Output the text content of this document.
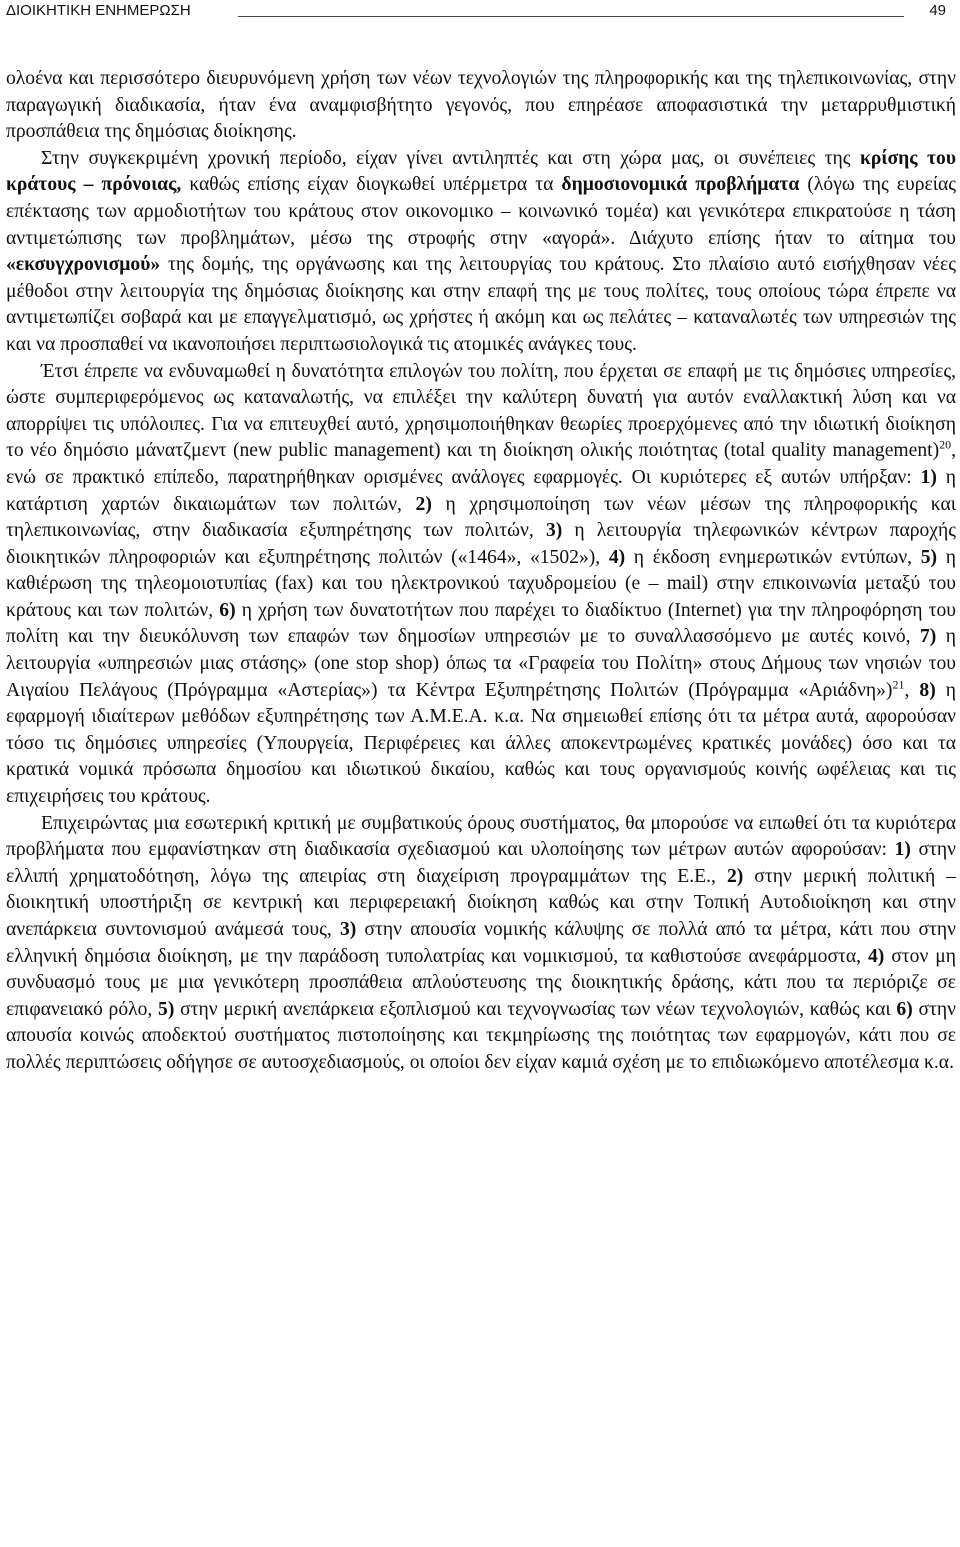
ΔΙΟΙΚΗΤΙΚΗ ΕΝΗΜΕΡΩΣΗ	49

ολοένα και περισσότερο διευρυνόμενη χρήση των νέων τεχνολογιών της πληροφορικής και της τηλεπικοινωνίας, στην παραγωγική διαδικασία, ήταν ένα αναμφισβήτητο γεγονός, που επηρέασε αποφασιστικά την μεταρρυθμιστική προσπάθεια της δημόσιας διοίκησης.

Στην συγκεκριμένη χρονική περίοδο, είχαν γίνει αντιληπτές και στη χώρα μας, οι συνέπειες της κρίσης του κράτους – πρόνοιας, καθώς επίσης είχαν διογκωθεί υπέρμετρα τα δημοσιονομικά προβλήματα (λόγω της ευρείας επέκτασης των αρμοδιοτήτων του κράτους στον οικονομικο – κοινωνικό τομέα) και γενικότερα επικρατούσε η τάση αντιμετώπισης των προβλημάτων, μέσω της στροφής στην «αγορά». Διάχυτο επίσης ήταν το αίτημα του «εκσυγχρονισμού» της δομής, της οργάνωσης και της λειτουργίας του κράτους. Στο πλαίσιο αυτό εισήχθησαν νέες μέθοδοι στην λειτουργία της δημόσιας διοίκησης και στην επαφή της με τους πολίτες, τους οποίους τώρα έπρεπε να αντιμετωπίζει σοβαρά και με επαγγελματισμό, ως χρήστες ή ακόμη και ως πελάτες – καταναλωτές των υπηρεσιών της και να προσπαθεί να ικανοποιήσει περιπτωσιολογικά τις ατομικές ανάγκες τους.

Έτσι έπρεπε να ενδυναμωθεί η δυνατότητα επιλογών του πολίτη, που έρχεται σε επαφή με τις δημόσιες υπηρεσίες, ώστε συμπεριφερόμενος ως καταναλωτής, να επιλέξει την καλύτερη δυνατή για αυτόν εναλλακτική λύση και να απορρίψει τις υπόλοιπες. Για να επιτευχθεί αυτό, χρησιμοποιήθηκαν θεωρίες προερχόμενες από την ιδιωτική διοίκηση το νέο δημόσιο μάνατζμεντ (new public management) και τη διοίκηση ολικής ποιότητας (total quality management)$^{20}$, ενώ σε πρακτικό επίπεδο, παρατηρήθηκαν ορισμένες ανάλογες εφαρμογές. Οι κυριότερες εξ αυτών υπήρξαν: 1) η κατάρτιση χαρτών δικαιωμάτων των πολιτών, 2) η χρησιμοποίηση των νέων μέσων της πληροφορικής και τηλεπικοινωνίας, στην διαδικασία εξυπηρέτησης των πολιτών, 3) η λειτουργία τηλεφωνικών κέντρων παροχής διοικητικών πληροφοριών και εξυπηρέτησης πολιτών («1464», «1502»), 4) η έκδοση ενημερωτικών εντύπων, 5) η καθιέρωση της τηλεομοιοτυπίας (fax) και του ηλεκτρονικού ταχυδρομείου (e – mail) στην επικοινωνία μεταξύ του κράτους και των πολιτών, 6) η χρήση των δυνατοτήτων που παρέχει το διαδίκτυο (Internet) για την πληροφόρηση του πολίτη και την διευκόλυνση των επαφών των δημοσίων υπηρεσιών με το συναλλασσόμενο με αυτές κοινό, 7) η λειτουργία «υπηρεσιών μιας στάσης» (one stop shop) όπως τα «Γραφεία του Πολίτη» στους Δήμους των νησιών του Αιγαίου Πελάγους (Πρόγραμμα «Αστερίας») τα Κέντρα Εξυπηρέτησης Πολιτών (Πρόγραμμα «Αριάδνη»)$^{21}$, 8) η εφαρμογή ιδιαίτερων μεθόδων εξυπηρέτησης των Α.Μ.Ε.Α. κ.α. Να σημειωθεί επίσης ότι τα μέτρα αυτά, αφορούσαν τόσο τις δημόσιες υπηρεσίες (Υπουργεία, Περιφέρειες και άλλες αποκεντρωμένες κρατικές μονάδες) όσο και τα κρατικά νομικά πρόσωπα δημοσίου και ιδιωτικού δικαίου, καθώς και τους οργανισμούς κοινής ωφέλειας και τις επιχειρήσεις του κράτους.

Επιχειρώντας μια εσωτερική κριτική με συμβατικούς όρους συστήματος, θα μπορούσε να ειπωθεί ότι τα κυριότερα προβλήματα που εμφανίστηκαν στη διαδικασία σχεδιασμού και υλοποίησης των μέτρων αυτών αφορούσαν: 1) στην ελλιπή χρηματοδότηση, λόγω της απειρίας στη διαχείριση προγραμμάτων της Ε.Ε., 2) στην μερική πολιτική – διοικητική υποστήριξη σε κεντρική και περιφερειακή διοίκηση καθώς και στην Τοπική Αυτοδιοίκηση και στην ανεπάρκεια συντονισμού ανάμεσά τους, 3) στην απουσία νομικής κάλυψης σε πολλά από τα μέτρα, κάτι που στην ελληνική δημόσια διοίκηση, με την παράδοση τυπολατρίας και νομικισμού, τα καθιστούσε ανεφάρμοστα, 4) στον μη συνδυασμό τους με μια γενικότερη προσπάθεια απλούστευσης της διοικητικής δράσης, κάτι που τα περιόριζε σε επιφανειακό ρόλο, 5) στην μερική ανεπάρκεια εξοπλισμού και τεχνογνωσίας των νέων τεχνολογιών, καθώς και 6) στην απουσία κοινώς αποδεκτού συστήματος πιστοποίησης και τεκμηρίωσης της ποιότητας των εφαρμογών, κάτι που σε πολλές περιπτώσεις οδήγησε σε αυτοσχεδιασμούς, οι οποίοι δεν είχαν καμιά σχέση με το επιδιωκόμενο αποτέλεσμα κ.α.
